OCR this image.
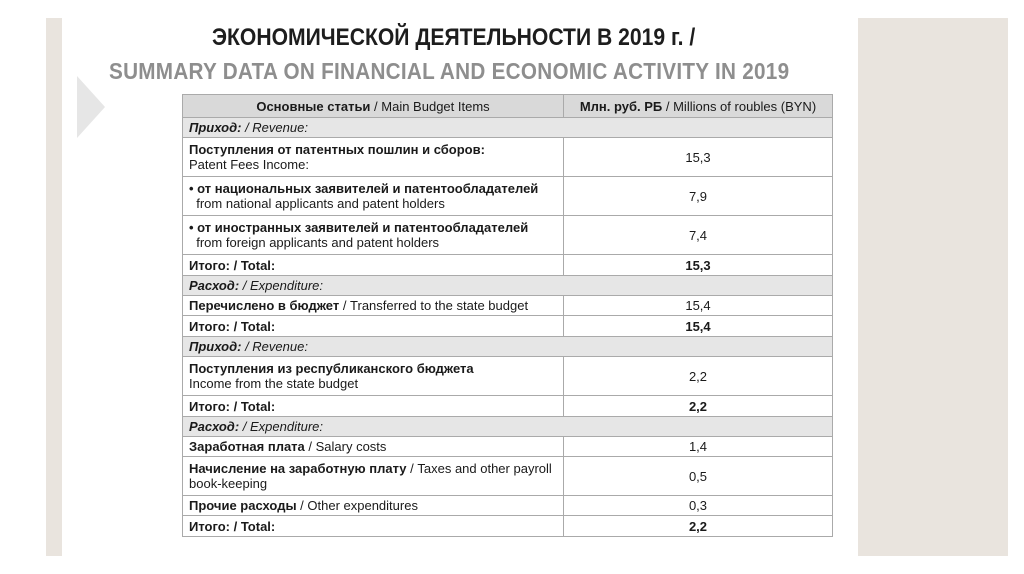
ЭКОНОМИЧЕСКОЙ ДЕЯТЕЛЬНОСТИ В 2019 г. /
SUMMARY DATA ON FINANCIAL AND ECONOMIC ACTIVITY IN 2019
Основные статьи / Main Budget Items	Млн. руб. РБ / Millions of roubles (BYN)
Приход: / Revenue:	
Поступления от патентных пошлин и сборов:
Patent Fees Income:	15,3
• от национальных заявителей и патентообладателей
from national applicants and patent holders	7,9
• от иностранных заявителей и патентообладателей
from foreign applicants and patent holders	7,4
Итого: / Total:	15,3
Расход: / Expenditure:	
Перечислено в бюджет / Transferred to the state budget	15,4
Итого: / Total:	15,4
Приход: / Revenue:	
Поступления из республиканского бюджета
Income from the state budget	2,2
Итого: / Total:	2,2
Расход: / Expenditure:	
Заработная плата / Salary costs	1,4
Начисление на заработную плату / Taxes and other payroll book-keeping	0,5
Прочие расходы / Other expenditures	0,3
Итого: / Total:	2,2
